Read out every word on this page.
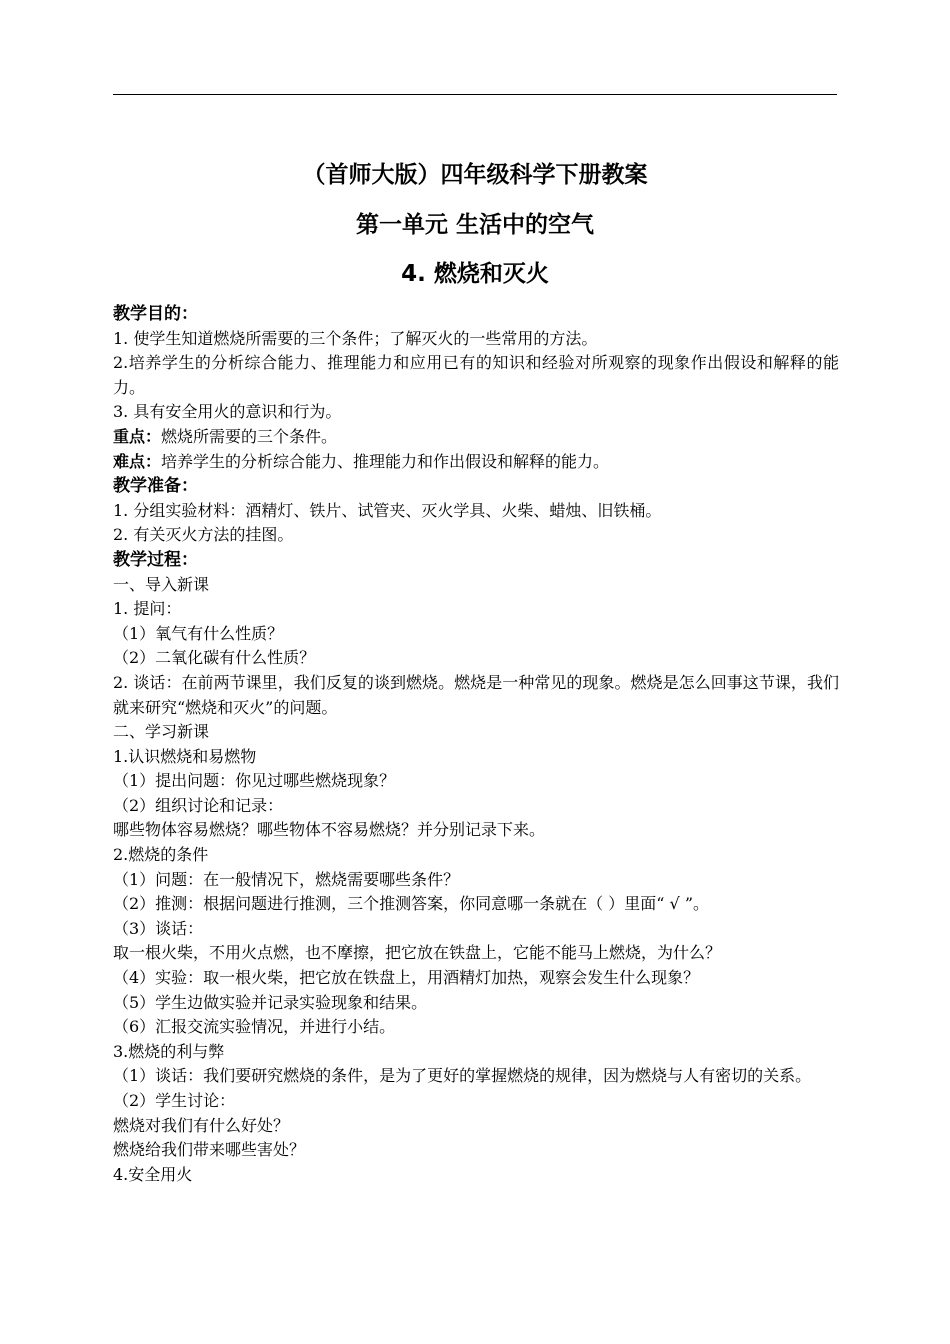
（首师大版）四年级科学下册教案
第一单元 生活中的空气
4. 燃烧和灭火
教学目的：
1. 使学生知道燃烧所需要的三个条件；了解灭火的一些常用的方法。
2.培养学生的分析综合能力、推理能力和应用已有的知识和经验对所观察的现象作出假设和解释的能力。
3. 具有安全用火的意识和行为。
重点：燃烧所需要的三个条件。
难点：培养学生的分析综合能力、推理能力和作出假设和解释的能力。
教学准备：
1. 分组实验材料：酒精灯、铁片、试管夹、灭火学具、火柴、蜡烛、旧铁桶。
2. 有关灭火方法的挂图。
教学过程：
一、导入新课
1. 提问：
（1）氧气有什么性质？
（2）二氧化碳有什么性质？
2. 谈话：在前两节课里，我们反复的谈到燃烧。燃烧是一种常见的现象。燃烧是怎么回事这节课，我们就来研究“燃烧和灭火”的问题。
二、学习新课
1.认识燃烧和易燃物
（1）提出问题：你见过哪些燃烧现象？
（2）组织讨论和记录：
哪些物体容易燃烧？哪些物体不容易燃烧？并分别记录下来。
2.燃烧的条件
（1）问题：在一般情况下，燃烧需要哪些条件？
（2）推测：根据问题进行推测，三个推测答案，你同意哪一条就在（ ）里面“ √ ”。
（3）谈话：
取一根火柴，不用火点燃，也不摩擦，把它放在铁盘上，它能不能马上燃烧，为什么？
（4）实验：取一根火柴，把它放在铁盘上，用酒精灯加热，观察会发生什么现象？
（5）学生边做实验并记录实验现象和结果。
（6）汇报交流实验情况，并进行小结。
3.燃烧的利与弊
（1）谈话：我们要研究燃烧的条件，是为了更好的掌握燃烧的规律，因为燃烧与人有密切的关系。
（2）学生讨论：
燃烧对我们有什么好处？
燃烧给我们带来哪些害处？
4.安全用火
